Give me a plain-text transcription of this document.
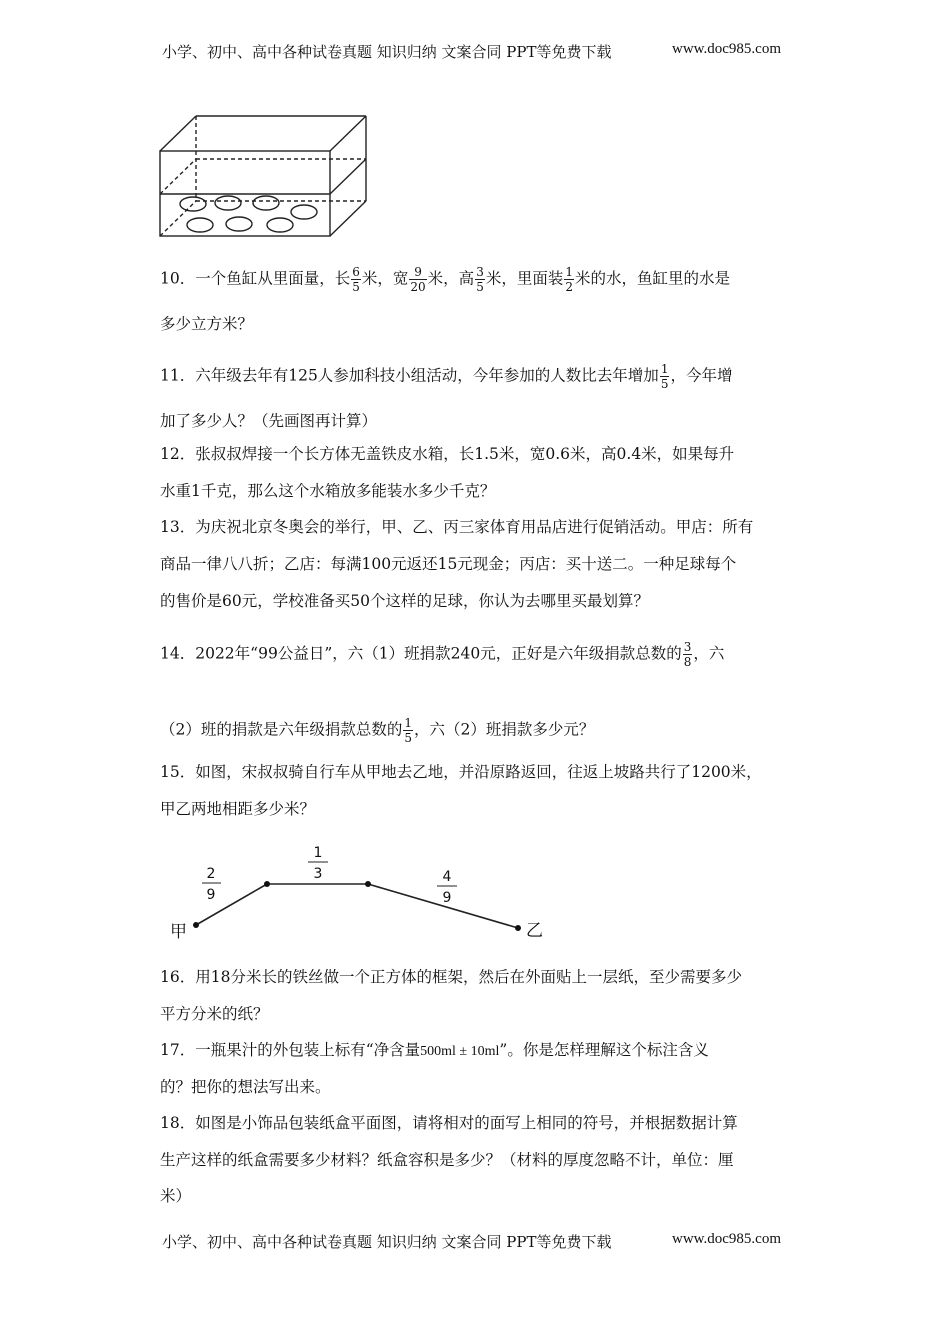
小学、初中、高中各种试卷真题 知识归纳 文案合同 PPT等免费下载	www.doc985.com
10．一个鱼缸从里面量，长 $\frac{6}{5}$ 米，宽 $\frac{9}{20}$ 米，高 $\frac{3}{5}$ 米，里面装 $\frac{1}{2}$ 米的水，鱼缸里的水是
多少立方米？
11．六年级去年有125人参加科技小组活动，今年参加的人数比去年增加 $\frac{1}{5}$ ，今年增
加了多少人？（先画图再计算）
12．张叔叔焊接一个长方体无盖铁皮水箱，长1.5米，宽0.6米，高0.4米，如果每升
水重1千克，那么这个水箱放多能装水多少千克？
13．为庆祝北京冬奥会的举行，甲、乙、丙三家体育用品店进行促销活动。甲店：所有
商品一律八八折；乙店：每满100元返还15元现金；丙店：买十送二。一种足球每个
的售价是60元，学校准备买50个这样的足球，你认为去哪里买最划算？
14．2022年“99公益日”，六（1）班捐款240元，正好是六年级捐款总数的 $\frac{3}{8}$ ，六
（2）班的捐款是六年级捐款总数的 $\frac{1}{5}$ ，六（2）班捐款多少元？
15．如图，宋叔叔骑自行车从甲地去乙地，并沿原路返回，往返上坡路共行了1200米，
甲乙两地相距多少米？
2
9
1
3	4
9
甲	乙
16．用18分米长的铁丝做一个正方体的框架，然后在外面贴上一层纸，至少需要多少
平方分米的纸？
17．一瓶果汁的外包装上标有“净含量500ml ± 10ml”。你是怎样理解这个标注含义
的？把你的想法写出来。
18．如图是小饰品包装纸盒平面图，请将相对的面写上相同的符号，并根据数据计算
生产这样的纸盒需要多少材料？纸盒容积是多少？（材料的厚度忽略不计，单位：厘
米）
小学、初中、高中各种试卷真题 知识归纳 文案合同 PPT等免费下载	www.doc985.com
